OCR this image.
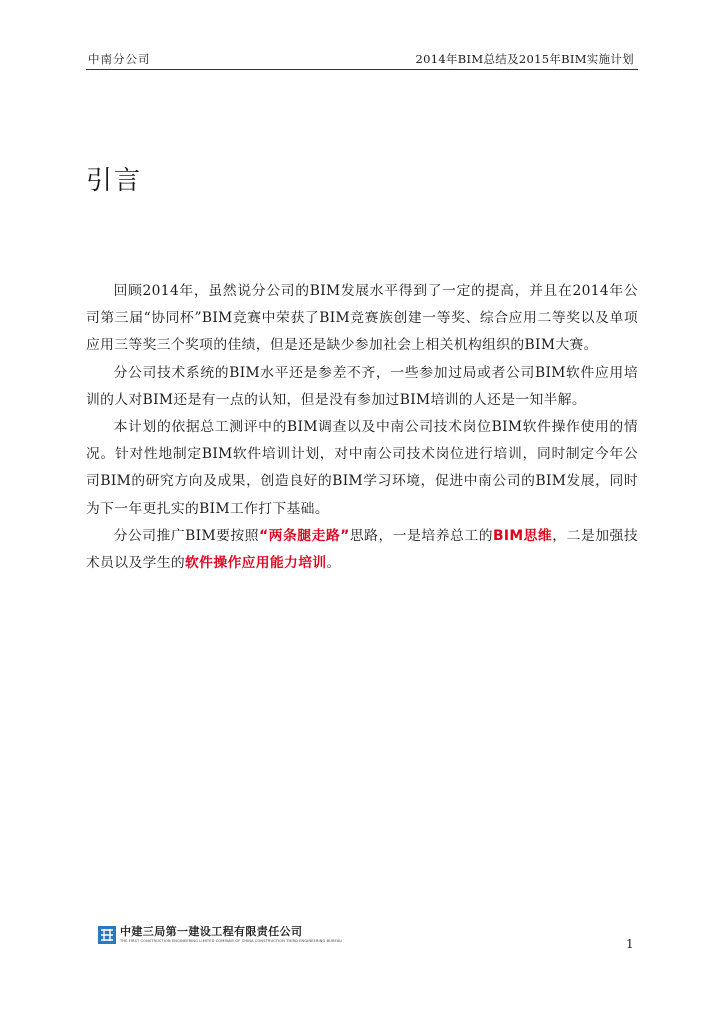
中南分公司	2014年BIM总结及2015年BIM实施计划
引言

回顾2014年，虽然说分公司的BIM发展水平得到了一定的提高，并且在2014年公司第三届“协同杯”BIM竞赛中荣获了BIM竞赛族创建一等奖、综合应用二等奖以及单项应用三等奖三个奖项的佳绩，但是还是缺少参加社会上相关机构组织的BIM大赛。

分公司技术系统的BIM水平还是参差不齐，一些参加过局或者公司BIM软件应用培训的人对BIM还是有一点的认知，但是没有参加过BIM培训的人还是一知半解。

本计划的依据总工测评中的BIM调查以及中南公司技术岗位BIM软件操作使用的情况。针对性地制定BIM软件培训计划，对中南公司技术岗位进行培训，同时制定今年公司BIM的研究方向及成果，创造良好的BIM学习环境，促进中南公司的BIM发展，同时为下一年更扎实的BIM工作打下基础。

分公司推广BIM要按照“两条腿走路”思路，一是培养总工的BIM思维，二是加强技术员以及学生的软件操作应用能力培训。

中建三局第一建设工程有限责任公司
THE FIRST CONSTRUCTION ENGINEERING LIMITED COMPANY OF CHINA CONSTRUCTION THIRD ENGINEERING BUREAU	1
